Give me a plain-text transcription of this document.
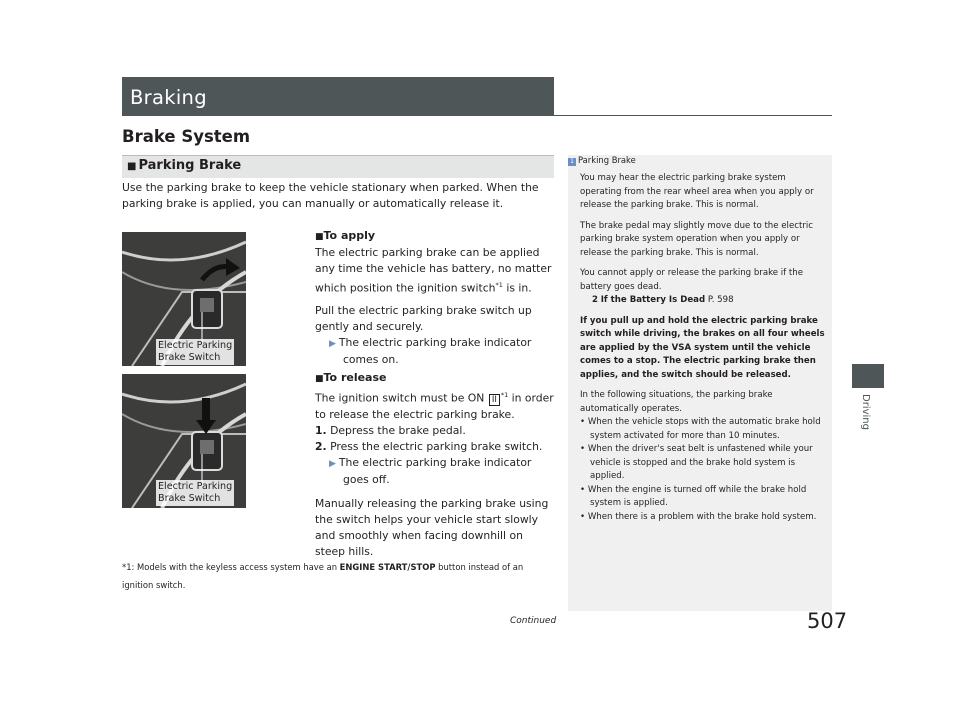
Braking
Driving
Brake System
■ Parking Brake
Use the parking brake to keep the vehicle stationary when parked. When the parking brake is applied, you can manually or automatically release it.
Electric Parking
Brake Switch
Electric Parking
Brake Switch
■To apply
The electric parking brake can be applied any time the vehicle has battery, no matter which position the ignition switch$^{*1}$ is in.
Pull the electric parking brake switch up gently and securely.
▶ The electric parking brake indicator comes on.
■To release
The ignition switch must be ON II $^{*1}$ in order to release the electric parking brake.
1. Depress the brake pedal.
2. Press the electric parking brake switch.
▶ The electric parking brake indicator goes off.
Manually releasing the parking brake using the switch helps your vehicle start slowly and smoothly when facing downhill on steep hills.
*1: Models with the keyless access system have an ENGINE START/STOP button instead of an ignition switch.
1 Parking Brake

You may hear the electric parking brake system operating from the rear wheel area when you apply or release the parking brake. This is normal.

The brake pedal may slightly move due to the electric parking brake system operation when you apply or release the parking brake. This is normal.

You cannot apply or release the parking brake if the battery goes dead.

2 If the Battery Is Dead P. 598

If you pull up and hold the electric parking brake switch while driving, the brakes on all four wheels are applied by the VSA system until the vehicle comes to a stop. The electric parking brake then applies, and the switch should be released.

In the following situations, the parking brake automatically operates.

• When the vehicle stops with the automatic brake hold system activated for more than 10 minutes.

• When the driver's seat belt is unfastened while your vehicle is stopped and the brake hold system is applied.

• When the engine is turned off while the brake hold system is applied.

• When there is a problem with the brake hold system.

Continued	507
